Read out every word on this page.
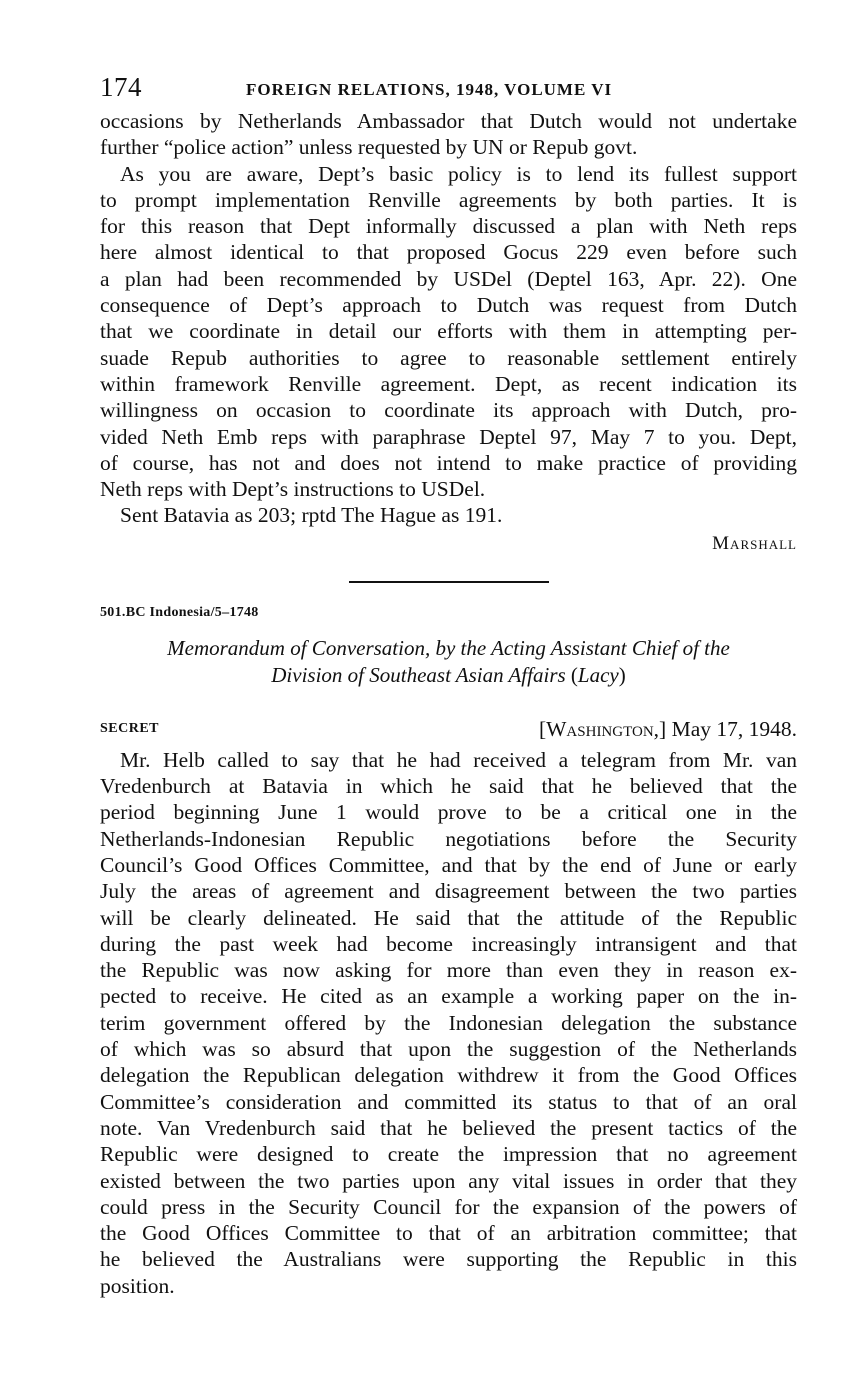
174	FOREIGN RELATIONS, 1948, VOLUME VI

occasions by Netherlands Ambassador that Dutch would not undertake
further “police action” unless requested by UN or Repub govt.

As you are aware, Dept’s basic policy is to lend its fullest support
to prompt implementation Renville agreements by both parties. It is
for this reason that Dept informally discussed a plan with Neth reps
here almost identical to that proposed Gocus 229 even before such
a plan had been recommended by USDel (Deptel 163, Apr. 22). One
consequence of Dept’s approach to Dutch was request from Dutch
that we coordinate in detail our efforts with them in attempting per-
suade Repub authorities to agree to reasonable settlement entirely
within framework Renville agreement. Dept, as recent indication its
willingness on occasion to coordinate its approach with Dutch, pro-
vided Neth Emb reps with paraphrase Deptel 97, May 7 to you. Dept,
of course, has not and does not intend to make practice of providing
Neth reps with Dept’s instructions to USDel.

Sent Batavia as 203; rptd The Hague as 191.

Marshall
501.BC Indonesia/5–1748
Memorandum of Conversation, by the Acting Assistant Chief of the
Division of Southeast Asian Affairs (Lacy)
SECRET	[Washington,] May 17, 1948.

Mr. Helb called to say that he had received a telegram from Mr. van
Vredenburch at Batavia in which he said that he believed that the
period beginning June 1 would prove to be a critical one in the
Netherlands-Indonesian Republic negotiations before the Security
Council’s Good Offices Committee, and that by the end of June or early
July the areas of agreement and disagreement between the two parties
will be clearly delineated. He said that the attitude of the Republic
during the past week had become increasingly intransigent and that
the Republic was now asking for more than even they in reason ex-
pected to receive. He cited as an example a working paper on the in-
terim government offered by the Indonesian delegation the substance
of which was so absurd that upon the suggestion of the Netherlands
delegation the Republican delegation withdrew it from the Good Offices
Committee’s consideration and committed its status to that of an oral
note. Van Vredenburch said that he believed the present tactics of the
Republic were designed to create the impression that no agreement
existed between the two parties upon any vital issues in order that they
could press in the Security Council for the expansion of the powers of
the Good Offices Committee to that of an arbitration committee; that
he believed the Australians were supporting the Republic in this
position.
